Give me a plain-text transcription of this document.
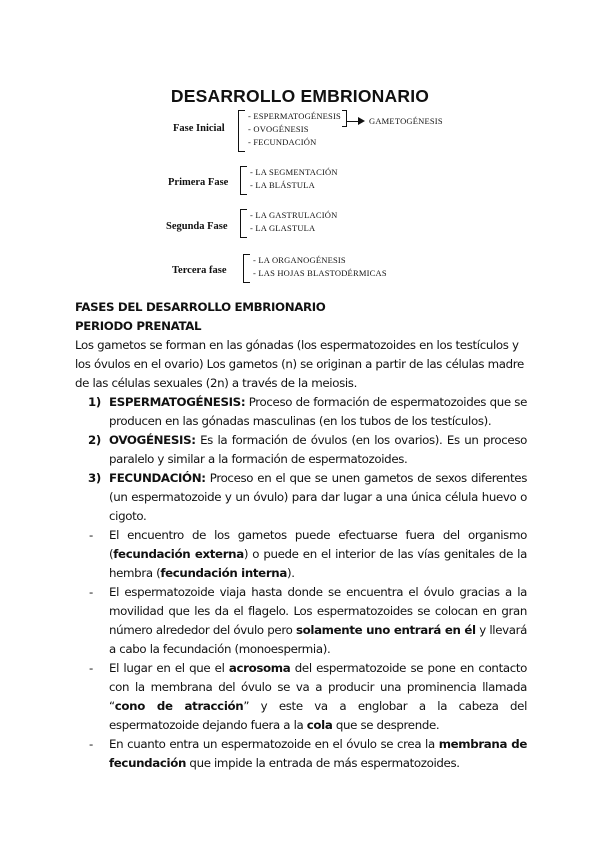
DESARROLLO EMBRIONARIO
Fase Inicial
- ESPERMATOGÉNESIS
- OVOGÉNESIS
- FECUNDACIÓN
GAMETOGÉNESIS
Primera Fase
- LA SEGMENTACIÓN
- LA BLÁSTULA
Segunda Fase
- LA GASTRULACIÓN
- LA GLASTULA
Tercera fase
- LA ORGANOGÉNESIS
- LAS HOJAS BLASTODÉRMICAS

FASES DEL DESARROLLO EMBRIONARIO

PERIODO PRENATAL

Los gametos se forman en las gónadas (los espermatozoides en los testículos y los óvulos en el ovario) Los gametos (n) se originan a partir de las células madre de las células sexuales (2n) a través de la meiosis.

1) ESPERMATOGÉNESIS: Proceso de formación de espermatozoides que se producen en las gónadas masculinas (en los tubos de los testículos).
2) OVOGÉNESIS: Es la formación de óvulos (en los ovarios). Es un proceso paralelo y similar a la formación de espermatozoides.
3) FECUNDACIÓN: Proceso en el que se unen gametos de sexos diferentes (un espermatozoide y un óvulo) para dar lugar a una única célula huevo o cigoto.
- El encuentro de los gametos puede efectuarse fuera del organismo (fecundación externa) o puede en el interior de las vías genitales de la hembra (fecundación interna).
- El espermatozoide viaja hasta donde se encuentra el óvulo gracias a la movilidad que les da el flagelo. Los espermatozoides se colocan en gran número alrededor del óvulo pero solamente uno entrará en él y llevará a cabo la fecundación (monoespermia).
- El lugar en el que el acrosoma del espermatozoide se pone en contacto con la membrana del óvulo se va a producir una prominencia llamada “cono de atracción” y este va a englobar a la cabeza del espermatozoide dejando fuera a la cola que se desprende.
- En cuanto entra un espermatozoide en el óvulo se crea la membrana de fecundación que impide la entrada de más espermatozoides.
